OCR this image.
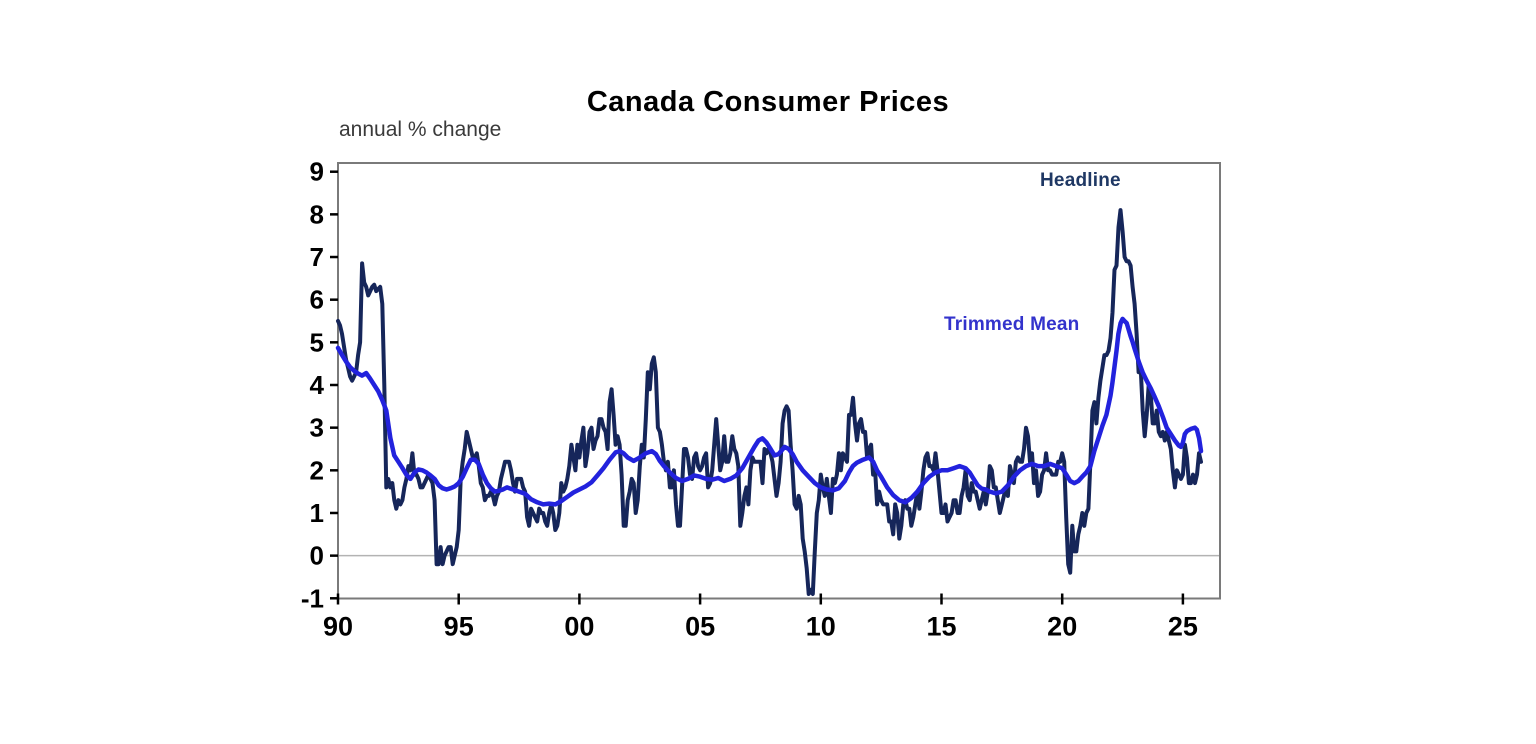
Canada Consumer Prices
annual % change
Headline
Trimmed Mean
9
8
7
6
5
4
3
2
1
0
-1
90	95	00	05	10	15	20	25
